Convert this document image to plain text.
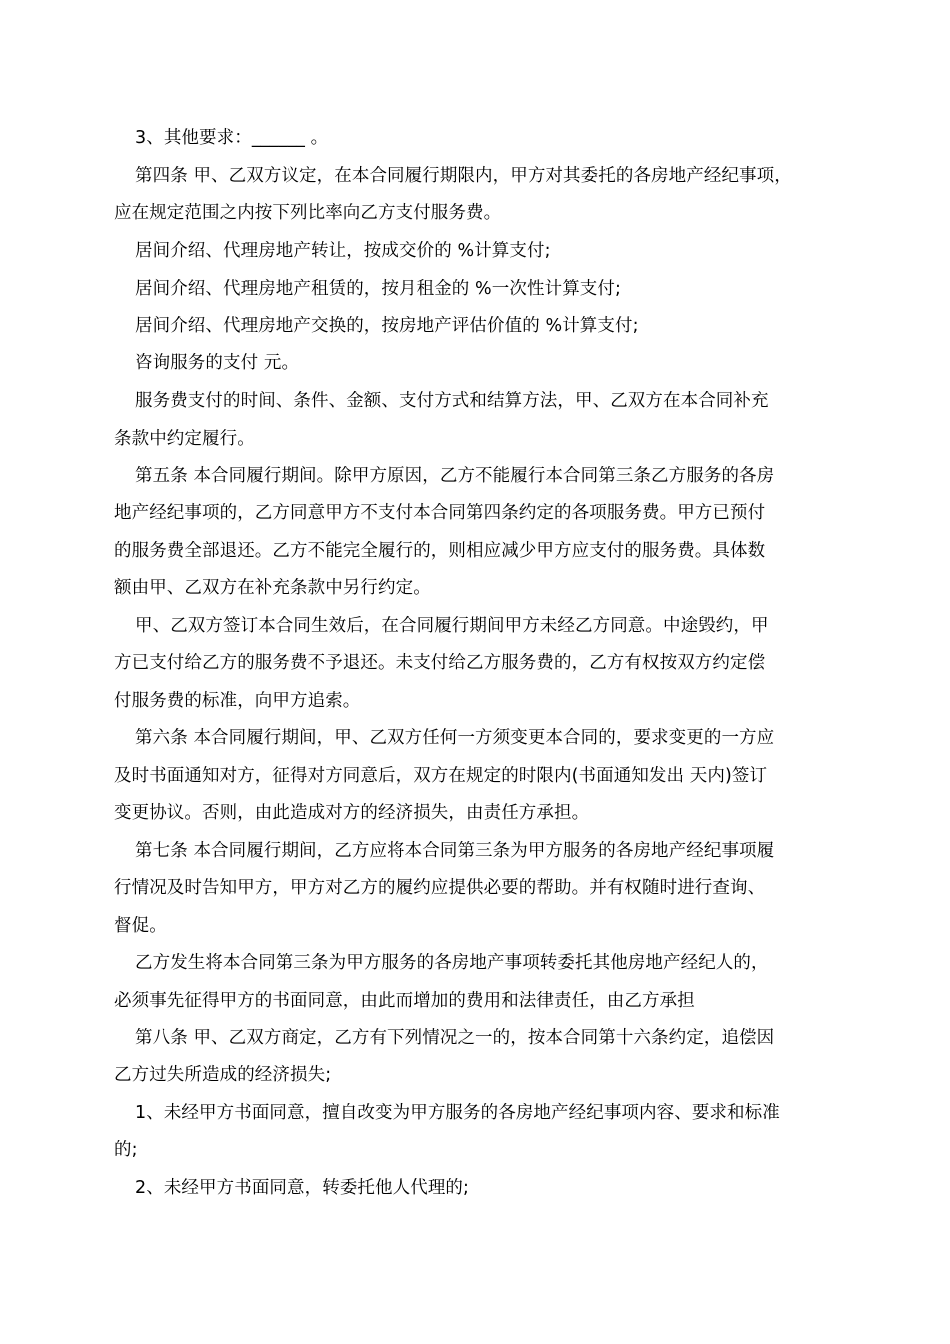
3、其他要求：______ 。
第四条 甲、乙双方议定，在本合同履行期限内，甲方对其委托的各房地产经纪事项，
应在规定范围之内按下列比率向乙方支付服务费。
居间介绍、代理房地产转让，按成交价的 %计算支付;
居间介绍、代理房地产租赁的，按月租金的 %一次性计算支付;
居间介绍、代理房地产交换的，按房地产评估价值的 %计算支付;
咨询服务的支付 元。
服务费支付的时间、条件、金额、支付方式和结算方法，甲、乙双方在本合同补充
条款中约定履行。
第五条 本合同履行期间。除甲方原因，乙方不能履行本合同第三条乙方服务的各房
地产经纪事项的，乙方同意甲方不支付本合同第四条约定的各项服务费。甲方已预付
的服务费全部退还。乙方不能完全履行的，则相应减少甲方应支付的服务费。具体数
额由甲、乙双方在补充条款中另行约定。
甲、乙双方签订本合同生效后，在合同履行期间甲方未经乙方同意。中途毁约，甲
方已支付给乙方的服务费不予退还。未支付给乙方服务费的，乙方有权按双方约定偿
付服务费的标准，向甲方追索。
第六条 本合同履行期间，甲、乙双方任何一方须变更本合同的，要求变更的一方应
及时书面通知对方，征得对方同意后，双方在规定的时限内(书面通知发出 天内)签订
变更协议。否则，由此造成对方的经济损失，由责任方承担。
第七条 本合同履行期间，乙方应将本合同第三条为甲方服务的各房地产经纪事项履
行情况及时告知甲方，甲方对乙方的履约应提供必要的帮助。并有权随时进行查询、
督促。
乙方发生将本合同第三条为甲方服务的各房地产事项转委托其他房地产经纪人的，
必须事先征得甲方的书面同意，由此而增加的费用和法律责任，由乙方承担
第八条 甲、乙双方商定，乙方有下列情况之一的，按本合同第十六条约定，追偿因
乙方过失所造成的经济损失;
1、未经甲方书面同意，擅自改变为甲方服务的各房地产经纪事项内容、要求和标准
的;
2、未经甲方书面同意，转委托他人代理的;
